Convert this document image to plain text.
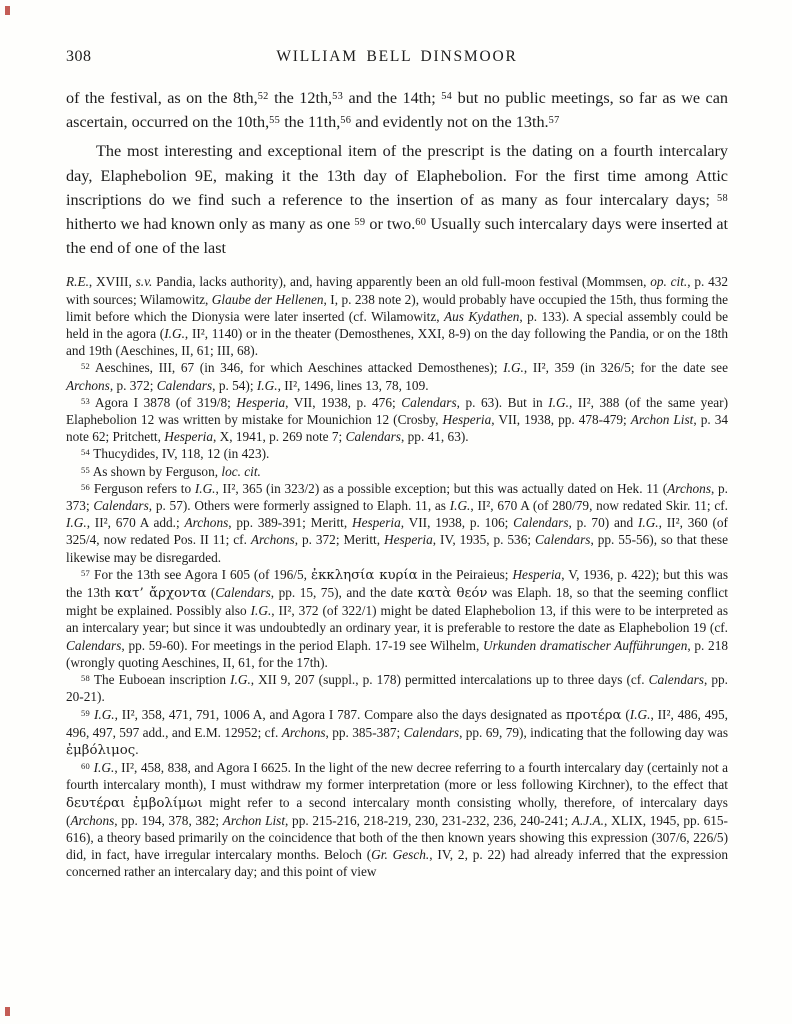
308	WILLIAM BELL DINSMOOR

of the festival, as on the 8th,$^{52}$ the 12th,$^{53}$ and the 14th; $^{54}$ but no public meetings, so far as we can ascertain, occurred on the 10th,$^{55}$ the 11th,$^{56}$ and evidently not on the 13th.$^{57}$

The most interesting and exceptional item of the prescript is the dating on a fourth intercalary day, Elaphebolion 9E, making it the 13th day of Elaphebolion. For the first time among Attic inscriptions do we find such a reference to the insertion of as many as four intercalary days; $^{58}$ hitherto we had known only as many as one $^{59}$ or two.$^{60}$ Usually such intercalary days were inserted at the end of one of the last

R.E., XVIII, s.v. Pandia, lacks authority), and, having apparently been an old full-moon festival (Mommsen, op. cit., p. 432 with sources; Wilamowitz, Glaube der Hellenen, I, p. 238 note 2), would probably have occupied the 15th, thus forming the limit before which the Dionysia were later inserted (cf. Wilamowitz, Aus Kydathen, p. 133). A special assembly could be held in the agora (I.G., II², 1140) or in the theater (Demosthenes, XXI, 8-9) on the day following the Pandia, or on the 18th and 19th (Aeschines, II, 61; III, 68).

$^{52}$ Aeschines, III, 67 (in 346, for which Aeschines attacked Demosthenes); I.G., II², 359 (in 326/5; for the date see Archons, p. 372; Calendars, p. 54); I.G., II², 1496, lines 13, 78, 109.

$^{53}$ Agora I 3878 (of 319/8; Hesperia, VII, 1938, p. 476; Calendars, p. 63). But in I.G., II², 388 (of the same year) Elaphebolion 12 was written by mistake for Mounichion 12 (Crosby, Hesperia, VII, 1938, pp. 478-479; Archon List, p. 34 note 62; Pritchett, Hesperia, X, 1941, p. 269 note 7; Calendars, pp. 41, 63).

$^{54}$ Thucydides, IV, 118, 12 (in 423).

$^{55}$ As shown by Ferguson, loc. cit.

$^{56}$ Ferguson refers to I.G., II², 365 (in 323/2) as a possible exception; but this was actually dated on Hek. 11 (Archons, p. 373; Calendars, p. 57). Others were formerly assigned to Elaph. 11, as I.G., II², 670 A (of 280/79, now redated Skir. 11; cf. I.G., II², 670 A add.; Archons, pp. 389-391; Meritt, Hesperia, VII, 1938, p. 106; Calendars, p. 70) and I.G., II², 360 (of 325/4, now redated Pos. II 11; cf. Archons, p. 372; Meritt, Hesperia, IV, 1935, p. 536; Calendars, pp. 55-56), so that these likewise may be disregarded.

$^{57}$ For the 13th see Agora I 605 (of 196/5, ἐκκλησία κυρία in the Peiraieus; Hesperia, V, 1936, p. 422); but this was the 13th κατ’ ἄρχοντα (Calendars, pp. 15, 75), and the date κατὰ θεόν was Elaph. 18, so that the seeming conflict might be explained. Possibly also I.G., II², 372 (of 322/1) might be dated Elaphebolion 13, if this were to be interpreted as an intercalary year; but since it was undoubtedly an ordinary year, it is preferable to restore the date as Elaphebolion 19 (cf. Calendars, pp. 59-60). For meetings in the period Elaph. 17-19 see Wilhelm, Urkunden dramatischer Aufführungen, p. 218 (wrongly quoting Aeschines, II, 61, for the 17th).

$^{58}$ The Euboean inscription I.G., XII 9, 207 (suppl., p. 178) permitted intercalations up to three days (cf. Calendars, pp. 20-21).

$^{59}$ I.G., II², 358, 471, 791, 1006 A, and Agora I 787. Compare also the days designated as προτέρα (I.G., II², 486, 495, 496, 497, 597 add., and E.M. 12952; cf. Archons, pp. 385-387; Calendars, pp. 69, 79), indicating that the following day was ἐμβόλιμος.

$^{60}$ I.G., II², 458, 838, and Agora I 6625. In the light of the new decree referring to a fourth intercalary day (certainly not a fourth intercalary month), I must withdraw my former interpretation (more or less following Kirchner), to the effect that δευτέραι ἐμβολίμωι might refer to a second intercalary month consisting wholly, therefore, of intercalary days (Archons, pp. 194, 378, 382; Archon List, pp. 215-216, 218-219, 230, 231-232, 236, 240-241; A.J.A., XLIX, 1945, pp. 615-616), a theory based primarily on the coincidence that both of the then known years showing this expression (307/6, 226/5) did, in fact, have irregular intercalary months. Beloch (Gr. Gesch., IV, 2, p. 22) had already inferred that the expression concerned rather an intercalary day; and this point of view
